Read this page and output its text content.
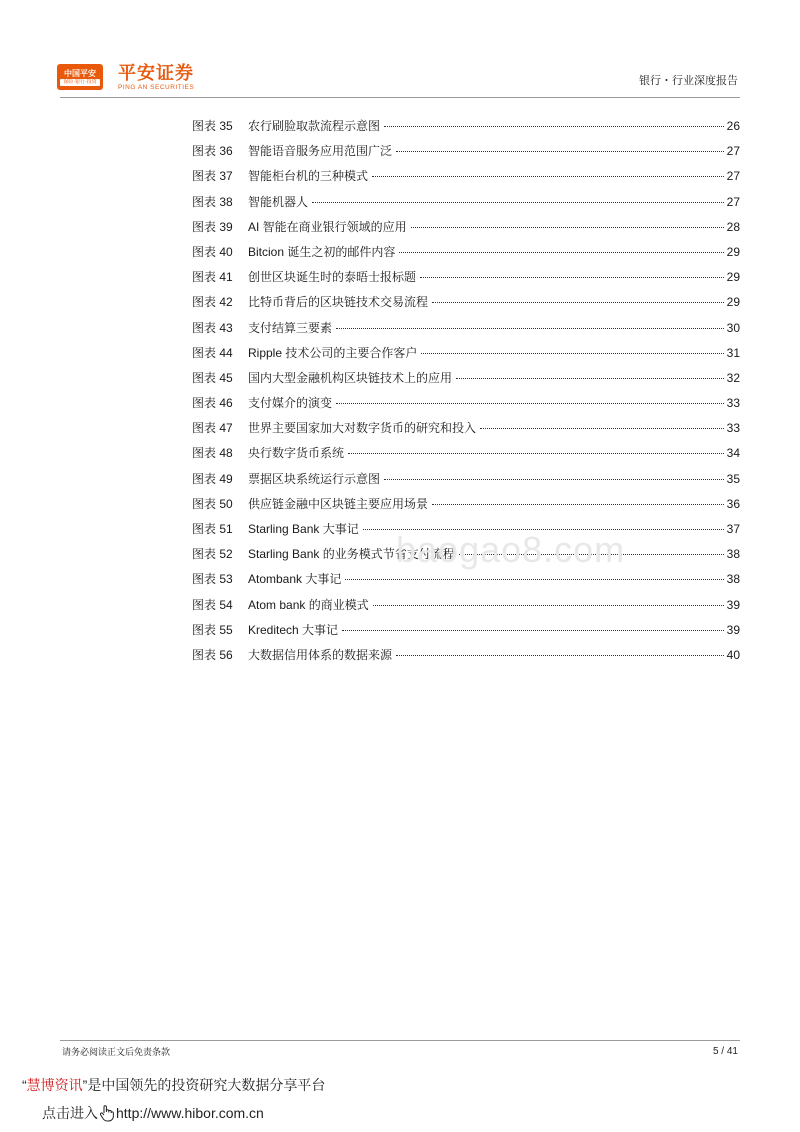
中国平安
保险·银行·投资 平安证券
PING AN SECURITIES
银行・行业深度报告
图表 35	农行刷脸取款流程示意图	26
图表 36	智能语音服务应用范围广泛	27
图表 37	智能柜台机的三种模式	27
图表 38	智能机器人	27
图表 39	AI 智能在商业银行领域的应用	28
图表 40	Bitcion 诞生之初的邮件内容	29
图表 41	创世区块诞生时的泰晤士报标题	29
图表 42	比特币背后的区块链技术交易流程	29
图表 43	支付结算三要素	30
图表 44	Ripple 技术公司的主要合作客户	31
图表 45	国内大型金融机构区块链技术上的应用	32
图表 46	支付媒介的演变	33
图表 47	世界主要国家加大对数字货币的研究和投入	33
图表 48	央行数字货币系统	34
图表 49	票据区块系统运行示意图	35
图表 50	供应链金融中区块链主要应用场景	36
图表 51	Starling Bank 大事记	37
图表 52	Starling Bank 的业务模式节省支付流程	38
图表 53	Atombank 大事记	38
图表 54	Atom bank 的商业模式	39
图表 55	Kreditech 大事记	39
图表 56	大数据信用体系的数据来源	40
baogao8.com
请务必阅读正文后免责条款	5 / 41
“慧博资讯”是中国领先的投资研究大数据分享平台
点击进入 http://www.hibor.com.cn
